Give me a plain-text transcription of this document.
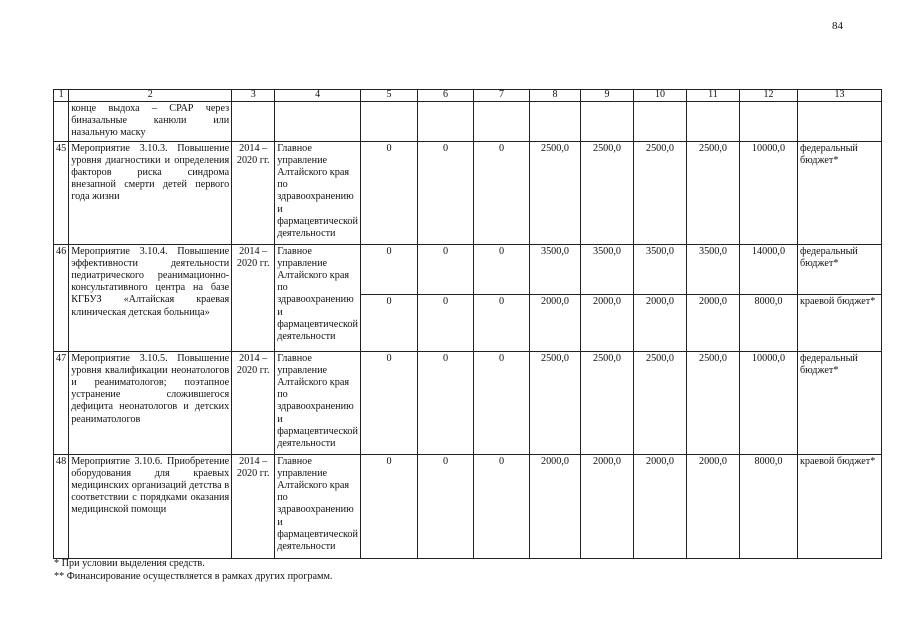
84
1	2	3	4	5	6	7	8	9	10	11	12	13
	конце выдоха – СРАР через биназальные канюли или назальную маску											
45	Мероприятие 3.10.3. Повышение уровня диагностики и определения факторов риска синдрома внезапной смерти детей первого года жизни	2014 – 2020 гг.	Главное управление Алтайского края по здравоохранению и фармацевтической деятельности	0	0	0	2500,0	2500,0	2500,0	2500,0	10000,0	федеральный бюджет*
46	Мероприятие 3.10.4. Повышение эффективности деятельности педиатрического реанимационно-консультативного центра на базе КГБУЗ «Алтайская краевая клиническая детская больница»	2014 – 2020 гг.	Главное управление Алтайского края по здравоохранению и фармацевтической деятельности	0	0	0	3500,0	3500,0	3500,0	3500,0	14000,0	федеральный бюджет*
				0	0	0	2000,0	2000,0	2000,0	2000,0	8000,0	краевой бюджет*
47	Мероприятие 3.10.5. Повышение уровня квалификации неонатологов и реаниматологов; поэтапное устранение сложившегося дефицита неонатологов и детских реаниматологов	2014 – 2020 гг.	Главное управление Алтайского края по здравоохранению и фармацевтической деятельности	0	0	0	2500,0	2500,0	2500,0	2500,0	10000,0	федеральный бюджет*
48	Мероприятие 3.10.6. Приобретение оборудования для краевых медицинских организаций детства в соответствии с порядками оказания медицинской помощи	2014 – 2020 гг.	Главное управление Алтайского края по здравоохранению и фармацевтической деятельности	0	0	0	2000,0	2000,0	2000,0	2000,0	8000,0	краевой бюджет*
* При условии выделения средств.
** Финансирование осуществляется в рамках других программ.
